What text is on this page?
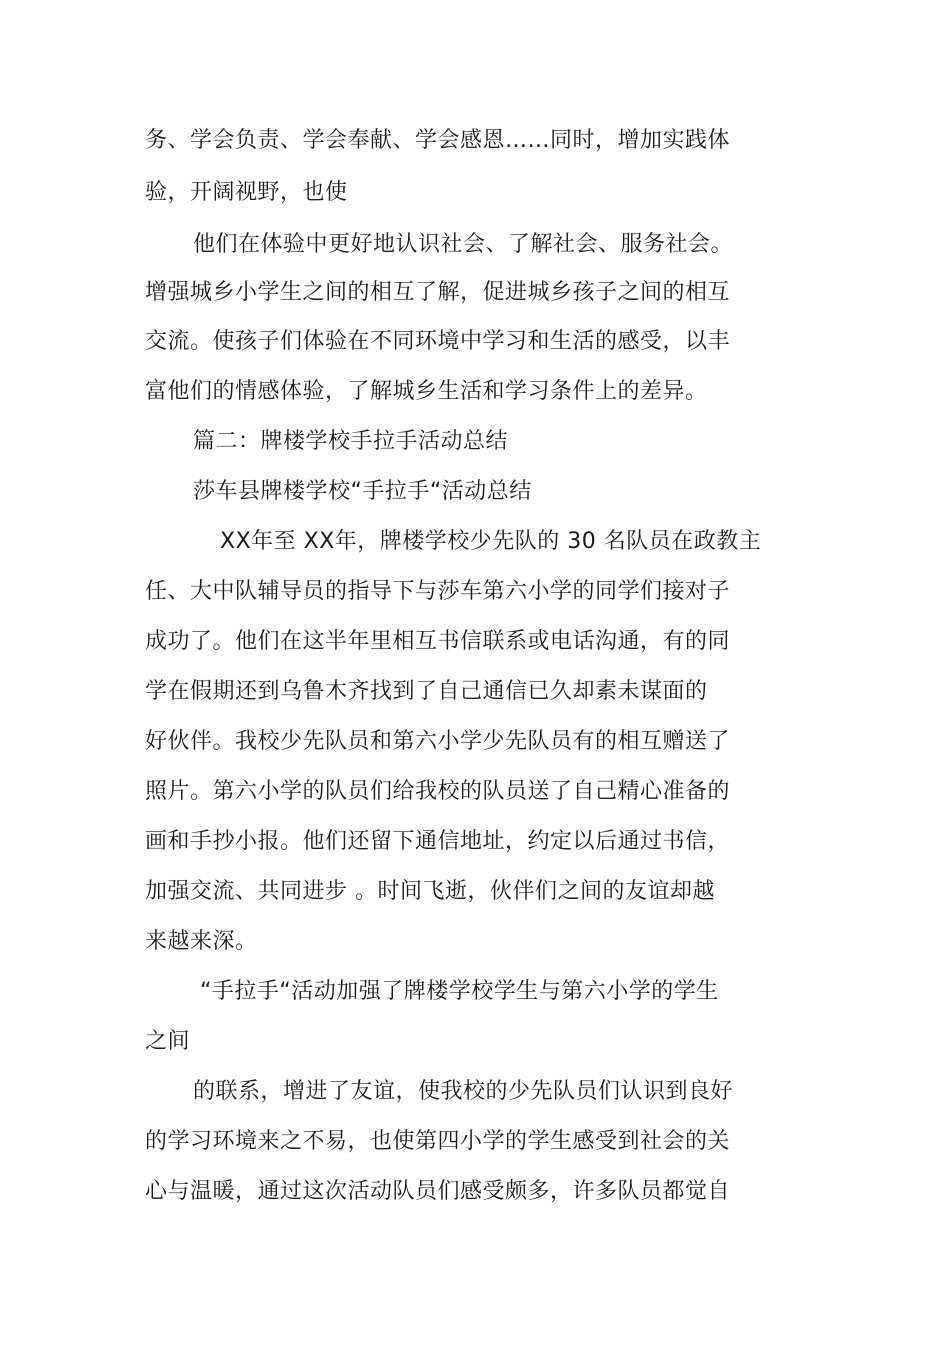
务、学会负责、学会奉献、学会感恩……同时，增加实践体
验，开阔视野，也使
他们在体验中更好地认识社会、了解社会、服务社会。
增强城乡小学生之间的相互了解，促进城乡孩子之间的相互
交流。使孩子们体验在不同环境中学习和生活的感受，以丰
富他们的情感体验，了解城乡生活和学习条件上的差异。
篇二：牌楼学校手拉手活动总结
莎车县牌楼学校“手拉手“活动总结
XX年至 XX年，牌楼学校少先队的 30 名队员在政教主
任、大中队辅导员的指导下与莎车第六小学的同学们接对子
成功了。他们在这半年里相互书信联系或电话沟通，有的同
学在假期还到乌鲁木齐找到了自己通信已久却素未谋面的
好伙伴。我校少先队员和第六小学少先队员有的相互赠送了
照片。第六小学的队员们给我校的队员送了自己精心准备的
画和手抄小报。他们还留下通信地址，约定以后通过书信，
加强交流、共同进步 。时间飞逝，伙伴们之间的友谊却越
来越来深。
“手拉手“活动加强了牌楼学校学生与第六小学的学生
之间
的联系，增进了友谊，使我校的少先队员们认识到良好
的学习环境来之不易，也使第四小学的学生感受到社会的关
心与温暖，通过这次活动队员们感受颇多，许多队员都觉自
